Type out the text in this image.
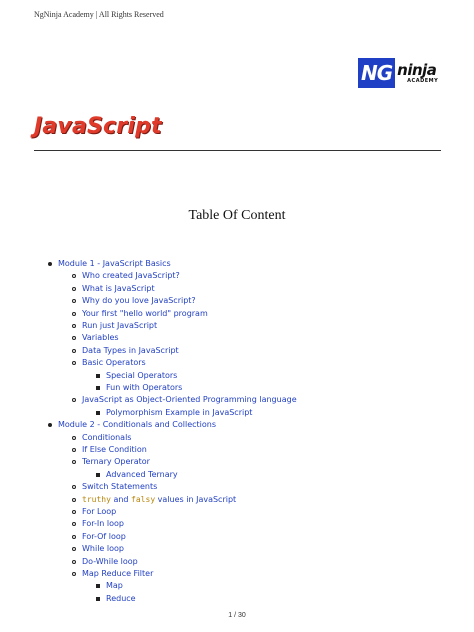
NgNinja Academy | All Rights Reserved
NG ninja
ACADEMY
JavaScript
Table Of Content
Module 1 - JavaScript Basics
Who created JavaScript?
What is JavaScript
Why do you love JavaScript?
Your first "hello world" program
Run just JavaScript
Variables
Data Types in JavaScript
Basic Operators
Special Operators
Fun with Operators
JavaScript as Object-Oriented Programming language
Polymorphism Example in JavaScript
Module 2 - Conditionals and Collections
Conditionals
If Else Condition
Ternary Operator
Advanced Ternary
Switch Statements
truthy and falsy values in JavaScript
For Loop
For-In loop
For-Of loop
While loop
Do-While loop
Map Reduce Filter
Map
Reduce
1 / 30
